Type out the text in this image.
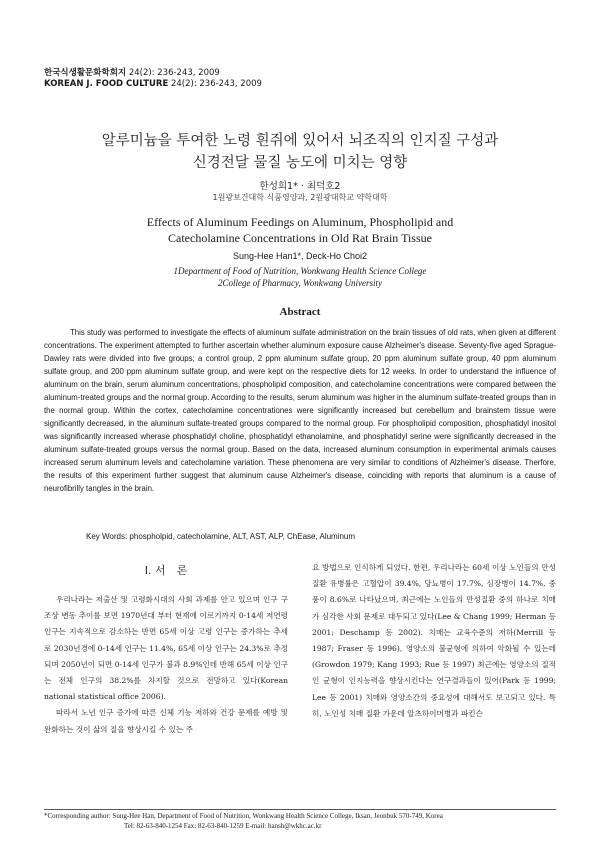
한국식생활문화학회지 24(2): 236-243, 2009
KOREAN J. FOOD CULTURE 24(2): 236-243, 2009
알루미늄을 투여한 노령 흰쥐에 있어서 뇌조직의 인지질 구성과
신경전달 물질 농도에 미치는 영향
한성희1* · 최덕호2
1원광보건대학 식품영양과, 2원광대학교 약학대학
Effects of Aluminum Feedings on Aluminum, Phospholipid and
Catecholamine Concentrations in Old Rat Brain Tissue
Sung-Hee Han1*, Deck-Ho Choi2
1Department of Food of Nutrition, Wonkwang Health Science College
2College of Pharmacy, Wonkwang University
Abstract

This study was performed to investigate the effects of aluminum sulfate administration on the brain tissues of old rats, when given at different concentrations. The experiment attempted to further ascertain whether aluminum exposure cause Alzheimer's disease. Seventy-five aged Sprague-Dawley rats were divided into five groups; a control group, 2 ppm aluminum sulfate group, 20 ppm aluminum sulfate group, 40 ppm aluminum sulfate group, and 200 ppm aluminum sulfate group, and were kept on the respective diets for 12 weeks. In order to understand the influence of aluminum on the brain, serum aluminum concentrations, phospholipid composition, and catecholamine concentrations were compared between the aluminum-treated groups and the normal group. According to the results, serum aluminum was higher in the aluminum sulfate-treated groups than in the normal group. Within the cortex, catecholamine concentrationes were significantly increased but cerebellum and brainstem tissue were significantly decreased, in the aluminum sulfate-treated groups compared to the normal group. For phospholipid composition, phosphatidyl inositol was significantly increased wherase phosphatidyl choline, phosphatidyl ethanolamine, and phosphatidyl serine were significantly decreased in the aluminum sulfate-treated groups versus the normal group. Based on the data, increased aluminum consumption in experimental animals causes increased serum aluminum levels and catecholamine variation. These phenomena are very similar to conditions of Alzheimer's disease. Therfore, the results of this experiment further suggest that aluminum cause Alzheimer's disease, coinciding with reports that aluminum is a cause of neurofibrilly tangles in the brain.

Key Words: phospholpid, catecholamine, ALT, AST, ALP, ChEase, Aluminum
I. 서　론

우리나라는 저출산 및 고령화시대의 사회 과제를 안고 있으며 인구 구조상 변동 추이를 보면 1970년대 부터 현재에 이르기까지 0-14세 저연령 인구는 지속적으로 감소하는 반면 65세 이상 고령 인구는 증가하는 추세로 2030년경에 0-14세 인구는 11.4%, 65세 이상 인구는 24.3%로 추정되며 2050년이 되면 0-14세 인구가 불과 8.9%인데 반해 65세 이상 인구는 전체 인구의 38.2%를 차지할 것으로 전망하고 있다(Korean national statistical office 2006).

따라서 노년 인구 증가에 따른 신체 기능 저하와 건강 문제를 예방 및 완화하는 것이 삶의 질을 향상시킬 수 있는 주

요 방법으로 인식하게 되었다. 한편, 우리나라는 60세 이상 노인들의 만성질환 유병률은 고혈압이 39.4%, 당뇨병이 17.7%, 심장병이 14.7%, 중풍이 8.6%로 나타났으며, 최근에는 노인들의 만성질환 중의 하나로 치매가 심각한 사회 문제로 대두되고 있다(Lee & Chang 1999; Herman 등 2001; Deschamp 등 2002). 치매는 교육수준의 저하(Merrill 등 1987; Fraser 등 1996), 영양소의 불균형에 의하여 악화될 수 있는데(Growdon 1979; Kang 1993; Rue 등 1997) 최근에는 영양소의 질적인 균형이 인지능력을 향상시킨다는 연구결과들이 있어(Park 등 1999; Lee 등 2001) 치매와 영양소간의 중요성에 대해서도 보고되고 있다. 특히, 노인성 치매 질환 가운데 알츠하이머병과 파킨슨

*Corresponding author: Sung-Hee Han, Department of Food of Nutrition, Wonkwang Health Science College, Iksan, Jeonbuk 570-749, Korea
Tel: 82-63-840-1254 Fax: 82-63-840-1259 E-mail: hansh@wkhc.ac.kr
